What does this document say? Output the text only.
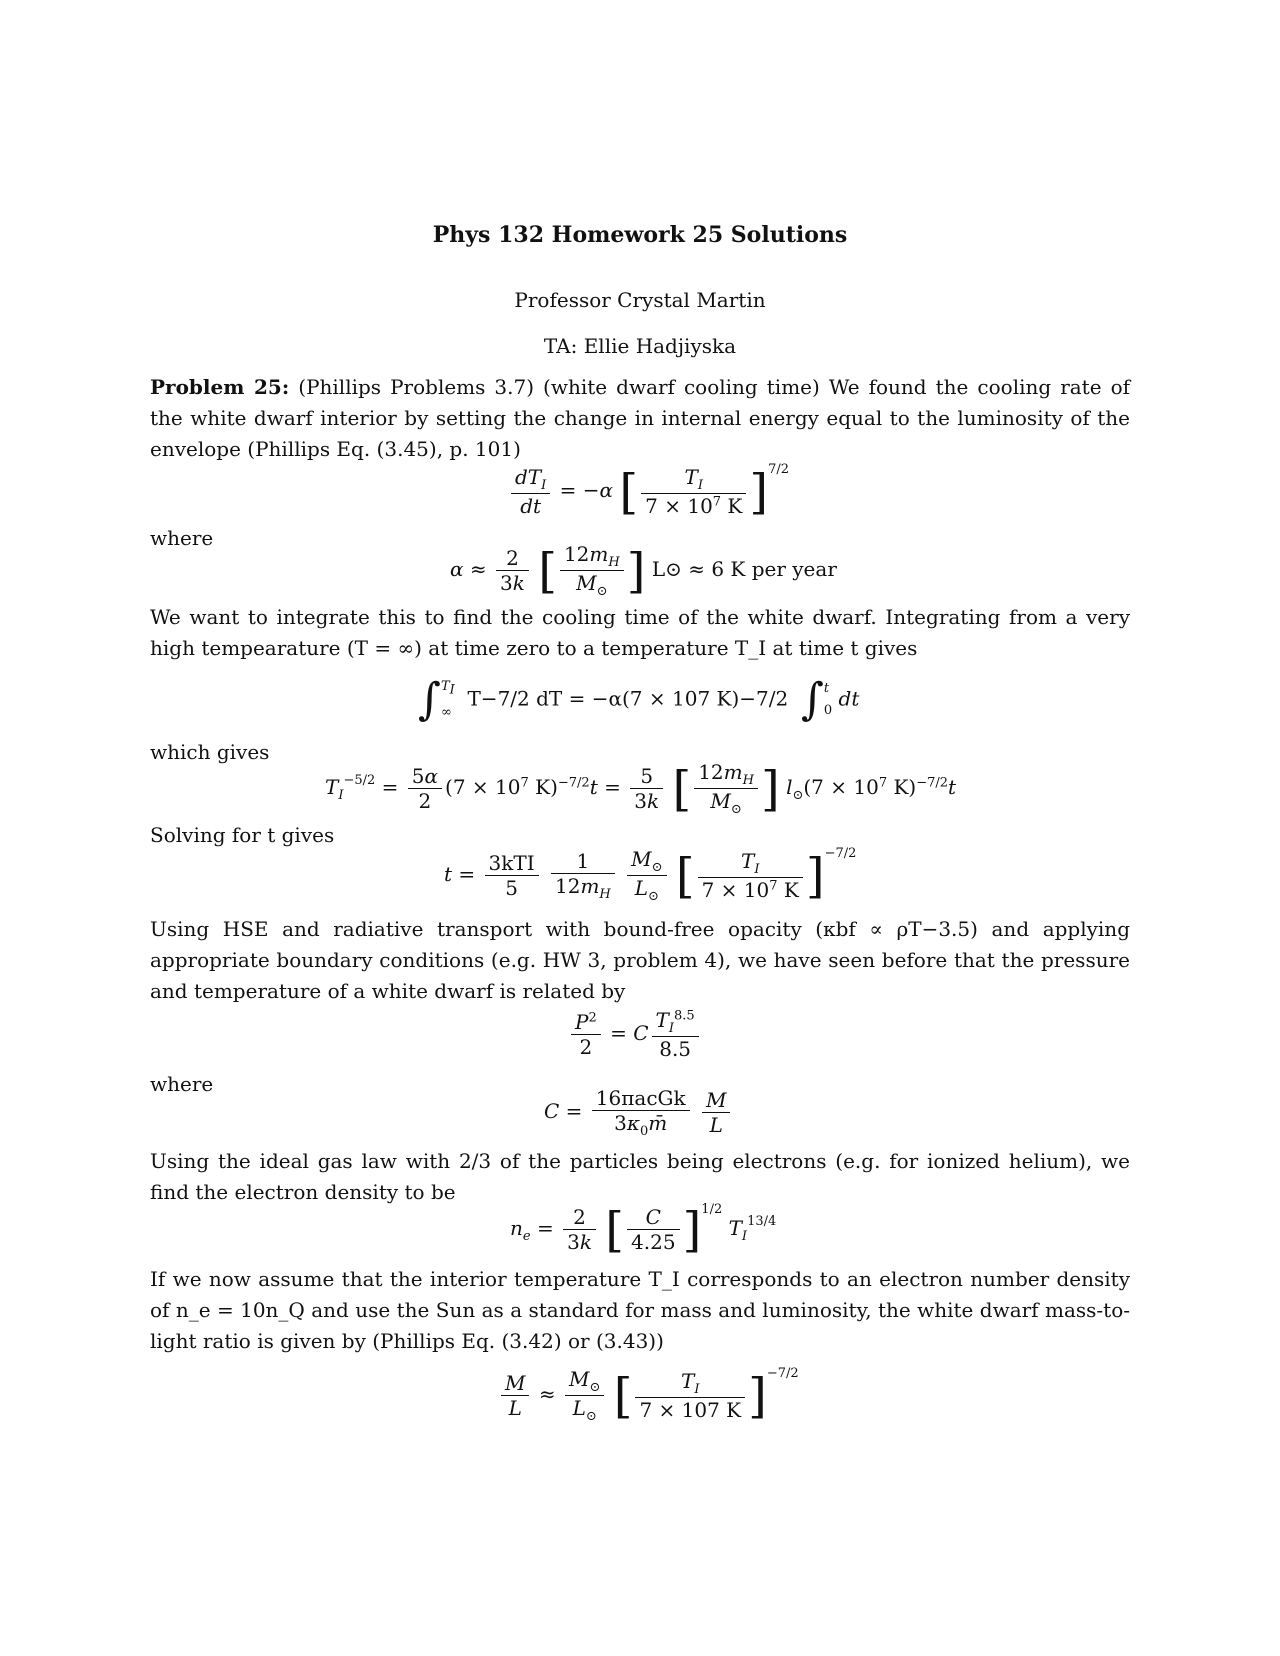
Phys 132 Homework 25 Solutions
Professor Crystal Martin
TA: Ellie Hadjiyska
Problem 25: (Phillips Problems 3.7) (white dwarf cooling time) We found the cooling rate of the white dwarf interior by setting the change in internal energy equal to the luminosity of the envelope (Phillips Eq. (3.45), p. 101)
$\frac{dT_I}{dt} = -\alpha$ [ $\frac{T_I}{7 \times 10^7 K} ]^{7/2}$
where
$\alpha \approx \frac{2}{3k}$ [ $\frac{12m_H}{M_⊙}$ ] L⊙ ≈ 6 K per year
We want to integrate this to find the cooling time of the white dwarf. Integrating from a very high tempearature (T = ∞) at time zero to a temperature T_I at time t gives
∫ $T_I$
∞
T−7/2 dT = −α(7 × 107 K)−7/2 ∫ t
0 dt
which gives
$T_I^{-5/2} = \frac{5\alpha}{2} (7 \times 10^7$ $K)^{-7/2}t = \frac{5}{3k}$ [ $\frac{12m_H}{M_⊙}$ ] $l_⊙(7 \times 10^7$ K)$^{-7/2}$t
Solving for t gives
$t = \frac{\text{3kTI}}{5}$
$\frac{1}{12m_H}$
$\frac{M_⊙}{L_⊙}$ [ $\frac{T_I}{7 \times 10^7 K} ]^{-7/2}$
Using HSE and radiative transport with bound-free opacity (κbf ∝ ρT−3.5) and applying appropriate boundary conditions (e.g. HW 3, problem 4), we have seen before that the pressure and temperature of a white dwarf is related by
$\frac{P^2}{2} = C \frac{T_I^{8.5}}{8.5}$
where
$C = \frac{\text{16πacGk}}{3\kappa_0m̄}$
$\frac{M}{L}$
Using the ideal gas law with 2/3 of the particles being electrons (e.g. for ionized helium), we find the electron density to be
$n_e = \frac{2}{3k}$ [ $\frac{C}{4.25} ]^{1/2}$ $T_I^{13/4}$
If we now assume that the interior temperature T_I corresponds to an electron number density of n_e = 10n_Q and use the Sun as a standard for mass and luminosity, the white dwarf mass-to-light ratio is given by (Phillips Eq. (3.42) or (3.43))
$\frac{M}{L} \approx \frac{M_⊙}{L_⊙}$ [ $\frac{T_I}{7 \times 107 K} ]^{-7/2}$
